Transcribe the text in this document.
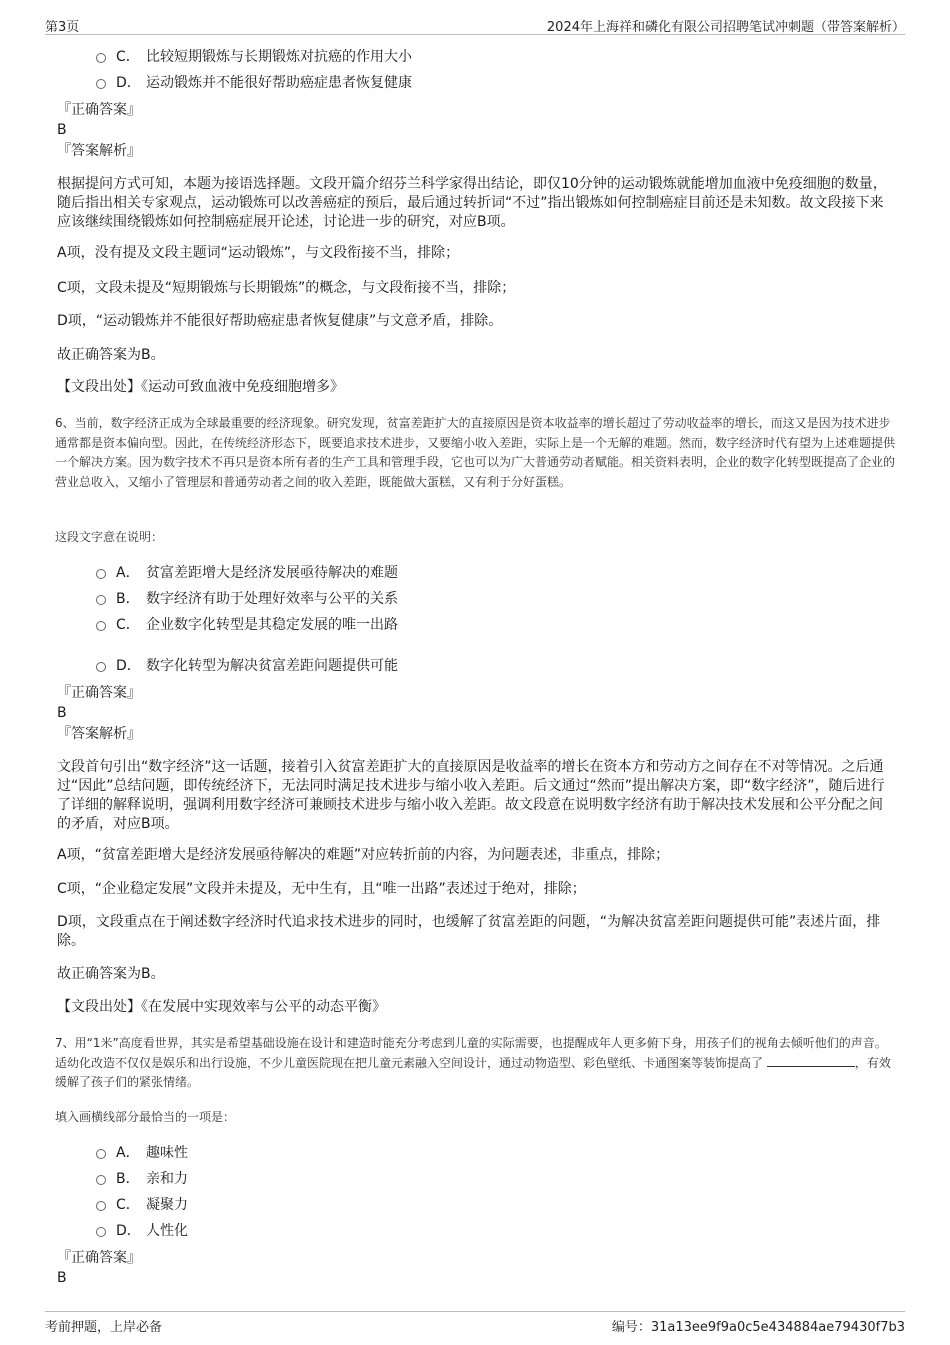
第3页	2024年上海祥和磷化有限公司招聘笔试冲刺题（带答案解析）
C． 比较短期锻炼与长期锻炼对抗癌的作用大小
D． 运动锻炼并不能很好帮助癌症患者恢复健康
『正确答案』
B
『答案解析』
根据提问方式可知，本题为接语选择题。文段开篇介绍芬兰科学家得出结论，即仅10分钟的运动锻炼就能增加血液中免疫细胞的数量，随后指出相关专家观点，运动锻炼可以改善癌症的预后，最后通过转折词“不过”指出锻炼如何控制癌症目前还是未知数。故文段接下来应该继续围绕锻炼如何控制癌症展开论述，讨论进一步的研究，对应B项。
A项，没有提及文段主题词“运动锻炼”，与文段衔接不当，排除；
C项，文段未提及“短期锻炼与长期锻炼”的概念，与文段衔接不当，排除；
D项，“运动锻炼并不能很好帮助癌症患者恢复健康”与文意矛盾，排除。
故正确答案为B。
【文段出处】《运动可致血液中免疫细胞增多》
6、当前，数字经济正成为全球最重要的经济现象。研究发现，贫富差距扩大的直接原因是资本收益率的增长超过了劳动收益率的增长，而这又是因为技术进步通常都是资本偏向型。因此，在传统经济形态下，既要追求技术进步，又要缩小收入差距，实际上是一个无解的难题。然而，数字经济时代有望为上述难题提供一个解决方案。因为数字技术不再只是资本所有者的生产工具和管理手段，它也可以为广大普通劳动者赋能。相关资料表明，企业的数字化转型既提高了企业的营业总收入，又缩小了管理层和普通劳动者之间的收入差距，既能做大蛋糕，又有利于分好蛋糕。
这段文字意在说明：
A． 贫富差距增大是经济发展亟待解决的难题
B． 数字经济有助于处理好效率与公平的关系
C． 企业数字化转型是其稳定发展的唯一出路
D． 数字化转型为解决贫富差距问题提供可能
『正确答案』
B
『答案解析』
文段首句引出“数字经济”这一话题，接着引入贫富差距扩大的直接原因是收益率的增长在资本方和劳动方之间存在不对等情况。之后通过“因此”总结问题，即传统经济下，无法同时满足技术进步与缩小收入差距。后文通过“然而”提出解决方案，即“数字经济”，随后进行了详细的解释说明，强调利用数字经济可兼顾技术进步与缩小收入差距。故文段意在说明数字经济有助于解决技术发展和公平分配之间的矛盾，对应B项。
A项，“贫富差距增大是经济发展亟待解决的难题”对应转折前的内容，为问题表述，非重点，排除；
C项，“企业稳定发展”文段并未提及，无中生有，且“唯一出路”表述过于绝对，排除；
D项，文段重点在于阐述数字经济时代追求技术进步的同时，也缓解了贫富差距的问题，“为解决贫富差距问题提供可能”表述片面，排除。
故正确答案为B。
【文段出处】《在发展中实现效率与公平的动态平衡》
7、用“1米”高度看世界，其实是希望基础设施在设计和建造时能充分考虑到儿童的实际需要，也提醒成年人更多俯下身，用孩子们的视角去倾听他们的声音。适幼化改造不仅仅是娱乐和出行设施，不少儿童医院现在把儿童元素融入空间设计，通过动物造型、彩色壁纸、卡通图案等装饰提高了	，有效缓解了孩子们的紧张情绪。
填入画横线部分最恰当的一项是：
A． 趣味性
B． 亲和力
C． 凝聚力
D． 人性化
『正确答案』
B
考前押题，上岸必备	编号：31a13ee9f9a0c5e434884ae79430f7b3
